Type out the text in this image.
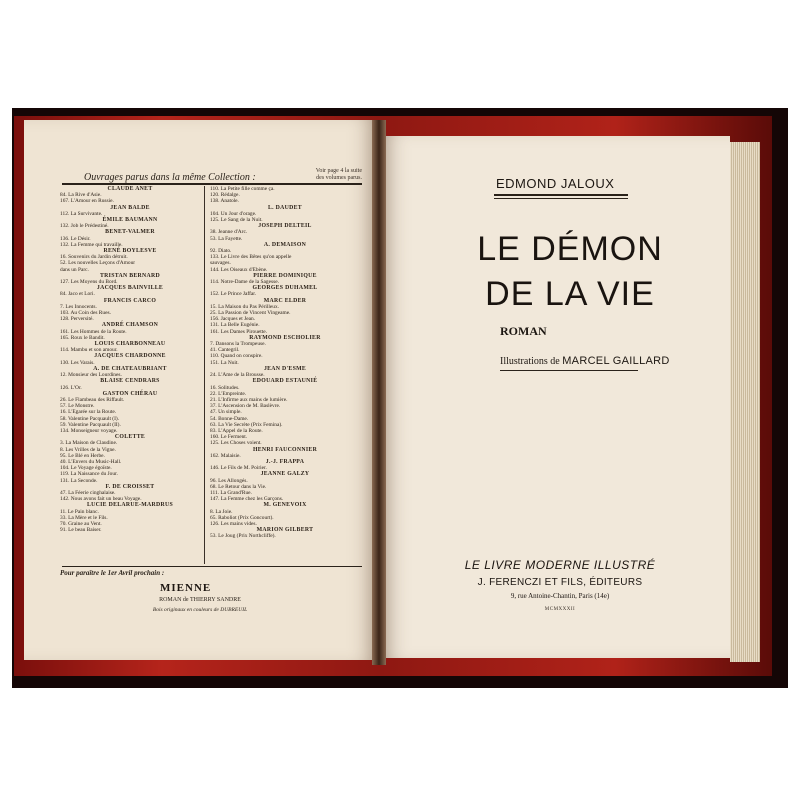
Ouvrages parus dans la même Collection :
Voir page 4 la suite
des volumes parus.
CLAUDE ANET
84. La Rive d'Asie.
167. L'Amour en Russie.
JEAN BALDE
112. La Survivante.
ÉMILE BAUMANN
132. Job le Prédestiné.
BENET-VALMER
136. Le Désir.
132. La Femme qui travaille.
RENÉ BOYLESVE
16. Souvenirs du Jardin détruit.
52. Les nouvelles Leçons d'Amour
dans un Parc.
TRISTAN BERNARD
127. Les Moyens du Bord.
JACQUES BAINVILLE
84. Jaco et Lori.
FRANCIS CARCO
7. Les Innocents.
103. Au Coin des Rues.
128. Perversité.
ANDRÉ CHAMSON
161. Les Hommes de la Route.
165. Roux le Bandit.
LOUIS CHARBONNEAU
114. Mambu et son amour.
JACQUES CHARDONNE
130. Les Varais.
A. DE CHATEAUBRIANT
12. Monsieur des Lourdines.
BLAISE CENDRARS
126. L'Or.
GASTON CHÉRAU
26. Le Flambeau des Riffault.
57. Le Monstre.
16. L'Égarée sur la Route.
58. Valentine Pacquault (I).
59. Valentine Pacquault (II).
134. Monseigneur voyage.
COLETTE
3. La Maison de Claudine.
8. Les Vrilles de la Vigne.
95. Le Blé en Herbe.
40. L'Envers du Music-Hall.
104. Le Voyage égoïste.
119. La Naissance du Jour.
131. La Seconde.
F. DE CROISSET
47. La Féerie cinghalaise.
142. Nous avons fait un beau Voyage.
LUCIE DELARUE-MARDRUS
11. Le Pain blanc.
33. La Mère et le Fils.
70. Graine au Vent.
91. Le beau Baiser.
110. La Petite fille comme ça.
120. Rédalge.
138. Anatole.
L. DAUDET
104. Un Jour d'orage.
125. Le Sang de la Nuit.
JOSEPH DELTEIL
38. Jeanne d'Arc.
53. La Fayette.
A. DEMAISON
92. Diato.
133. Le Livre des Bêtes qu'on appelle
sauvages.
144. Les Oiseaux d'Ébène.
PIERRE DOMINIQUE
114. Notre-Dame de la Sagesse.
GEORGES DUHAMEL
152. Le Prince Jaffar.
MARC ELDER
15. La Maison du Pas Périlleux.
25. La Passion de Vincent Vingeame.
156. Jacques et Jean.
131. La Belle Eugénie.
161. Les Dames Pirouette.
RAYMOND ESCHOLIER
7. Dansons la Trompeuse.
41. Cantegril.
110. Quand on conspire.
151. La Nuit.
JEAN D'ESME
24. L'Âme de la Brousse.
EDOUARD ESTAUNIÉ
16. Solitudes.
22. L'Empreinte.
21. L'Infirme aux mains de lumière.
37. L'Ascension de M. Baslèvre.
47. Un simple.
54. Bonne-Dame.
63. La Vie Secrète (Prix Femina).
83. L'Appel de la Route.
160. Le Ferment.
125. Les Choses voient.
HENRI FAUCONNIER
162. Malaisie.
J.-J. FRAPPA
146. Le Fils de M. Poirier.
JEANNE GALZY
96. Les Allongés.
68. Le Retour dans la Vie.
111. La Grand'Rue.
147. La Femme chez les Garçons.
M. GENEVOIX
8. La Joie.
65. Raboliot (Prix Goncourt).
126. Les mains vides.
MARION GILBERT
53. Le Joug (Prix Northcliffe).
Pour paraître le 1er Avril prochain :
MIENNE
ROMAN de THIERRY SANDRE
Bois originaux en couleurs de DUBREUIL
EDMOND JALOUX
LE DÉMON
DE LA VIE
ROMAN
Illustrations de MARCEL GAILLARD
LE LIVRE MODERNE ILLUSTRÉ
J. FERENCZI ET FILS, ÉDITEURS
9, rue Antoine-Chantin, Paris (14e)
MCMXXXII
